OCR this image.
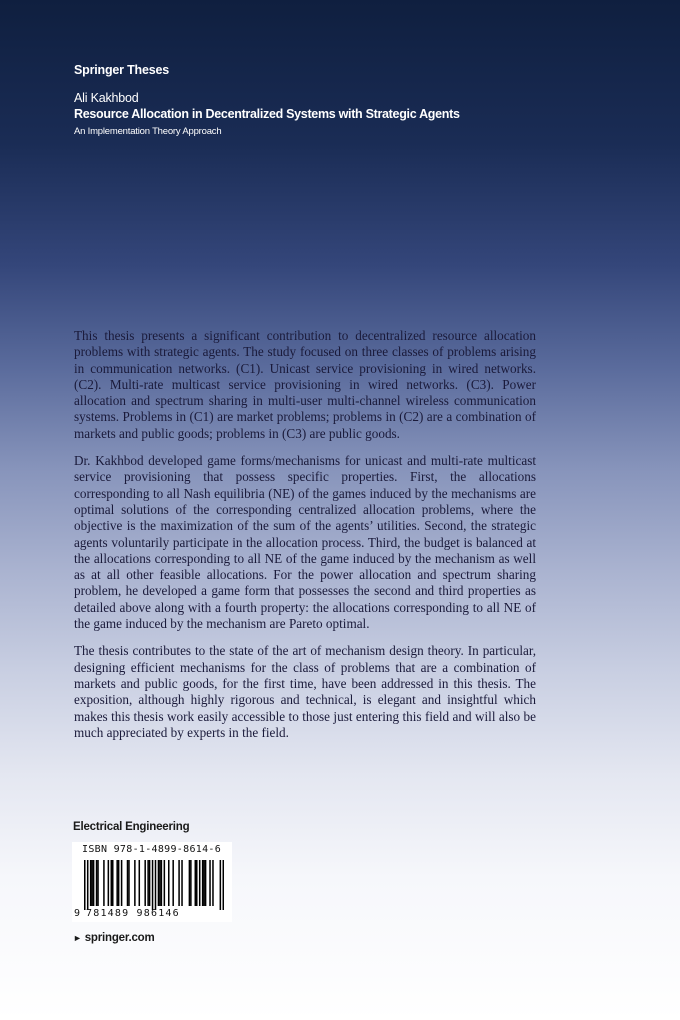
Springer Theses
Ali Kakhbod
Resource Allocation in Decentralized Systems with Strategic Agents
An Implementation Theory Approach

This thesis presents a significant contribution to decentralized resource allocation problems with strategic agents. The study focused on three classes of problems arising in communication networks. (C1). Unicast service provisioning in wired networks. (C2). Multi-rate multicast service provisioning in wired networks. (C3). Power allocation and spectrum sharing in multi-user multi-channel wireless communication systems. Problems in (C1) are market problems; problems in (C2) are a combination of markets and public goods; problems in (C3) are public goods.

Dr. Kakhbod developed game forms/mechanisms for unicast and multi-rate multicast service provisioning that possess specific properties. First, the allocations corresponding to all Nash equilibria (NE) of the games induced by the mechanisms are optimal solutions of the corresponding centralized allocation problems, where the objective is the maximization of the sum of the agents’ utilities. Second, the strategic agents voluntarily participate in the allocation process. Third, the budget is balanced at the allocations corresponding to all NE of the game induced by the mechanism as well as at all other feasible allocations. For the power allocation and spectrum sharing problem, he developed a game form that possesses the second and third properties as detailed above along with a fourth property: the allocations corresponding to all NE of the game induced by the mechanism are Pareto optimal.

The thesis contributes to the state of the art of mechanism design theory. In particular, designing efficient mechanisms for the class of problems that are a combination of markets and public goods, for the first time, have been addressed in this thesis. The exposition, although highly rigorous and technical, is elegant and insightful which makes this thesis work easily accessible to those just entering this field and will also be much appreciated by experts in the field.

Electrical Engineering
ISBN 978-1-4899-8614-6
9 781489 986146
► springer.com
